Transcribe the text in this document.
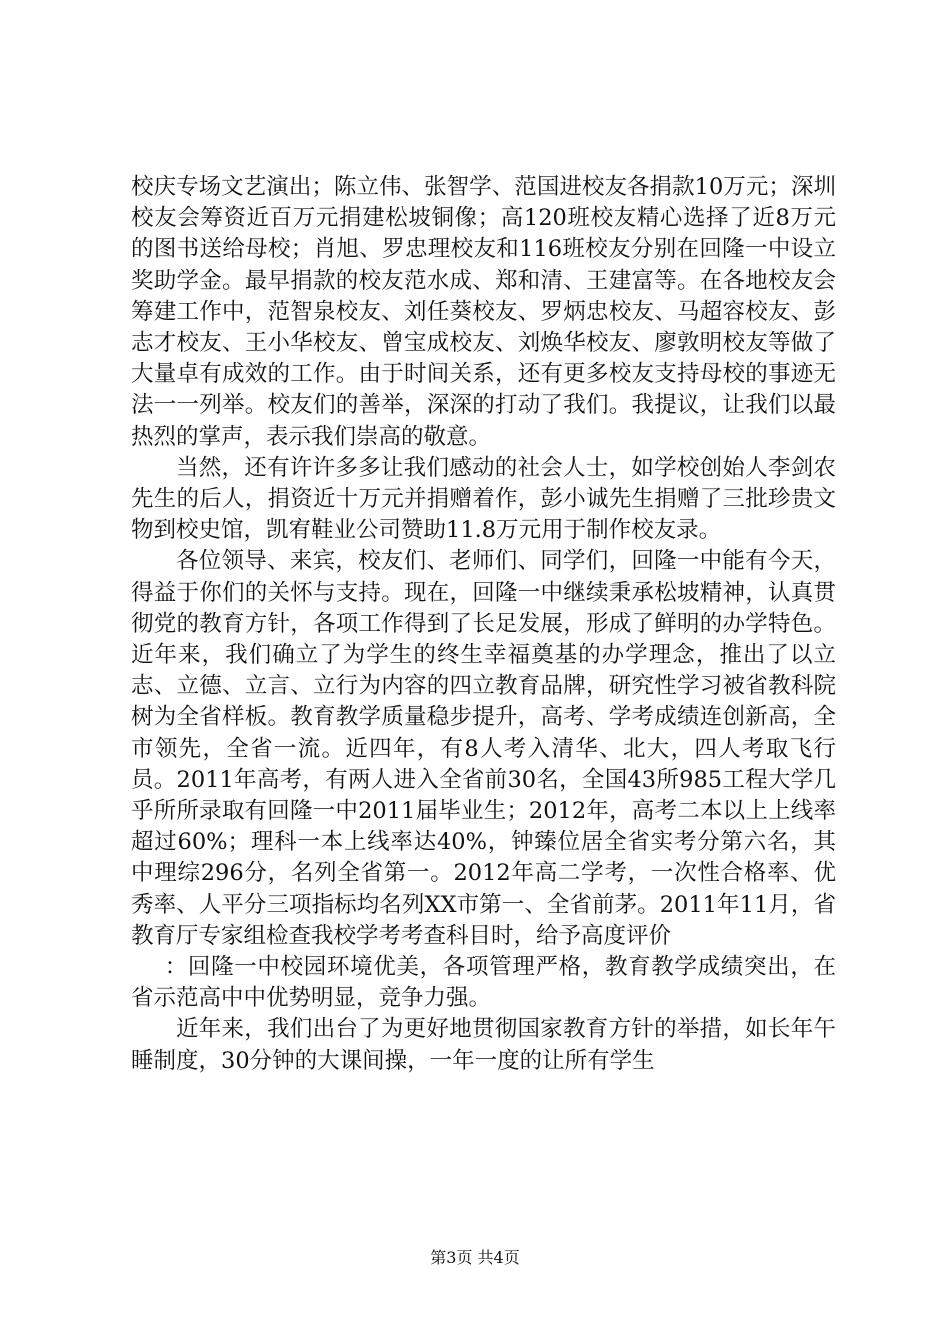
校庆专场文艺演出；陈立伟、张智学、范国进校友各捐款10万元；深圳校友会筹资近百万元捐建松坡铜像；高120班校友精心选择了近8万元的图书送给母校；肖旭、罗忠理校友和116班校友分别在回隆一中设立奖助学金。最早捐款的校友范水成、郑和清、王建富等。在各地校友会筹建工作中，范智泉校友、刘任葵校友、罗炳忠校友、马超容校友、彭志才校友、王小华校友、曾宝成校友、刘焕华校友、廖敦明校友等做了大量卓有成效的工作。由于时间关系，还有更多校友支持母校的事迹无法一一列举。校友们的善举，深深的打动了我们。我提议，让我们以最热烈的掌声，表示我们崇高的敬意。

当然，还有许许多多让我们感动的社会人士，如学校创始人李剑农先生的后人，捐资近十万元并捐赠着作，彭小诚先生捐赠了三批珍贵文物到校史馆，凯宥鞋业公司赞助11.8万元用于制作校友录。

各位领导、来宾，校友们、老师们、同学们，回隆一中能有今天，得益于你们的关怀与支持。现在，回隆一中继续秉承松坡精神，认真贯彻党的教育方针，各项工作得到了长足发展，形成了鲜明的办学特色。近年来，我们确立了为学生的终生幸福奠基的办学理念，推出了以立志、立德、立言、立行为内容的四立教育品牌，研究性学习被省教科院树为全省样板。教育教学质量稳步提升，高考、学考成绩连创新高，全市领先，全省一流。近四年，有8人考入清华、北大，四人考取飞行员。2011年高考，有两人进入全省前30名，全国43所985工程大学几乎所所录取有回隆一中2011届毕业生；2012年，高考二本以上上线率超过60%；理科一本上线率达40%，钟臻位居全省实考分第六名，其中理综296分，名列全省第一。2012年高二学考，一次性合格率、优秀率、人平分三项指标均名列XX市第一、全省前茅。2011年11月，省教育厅专家组检查我校学考考查科目时，给予高度评价

：回隆一中校园环境优美，各项管理严格，教育教学成绩突出，在省示范高中中优势明显，竞争力强。

近年来，我们出台了为更好地贯彻国家教育方针的举措，如长年午睡制度，30分钟的大课间操，一年一度的让所有学生

第3页 共4页
